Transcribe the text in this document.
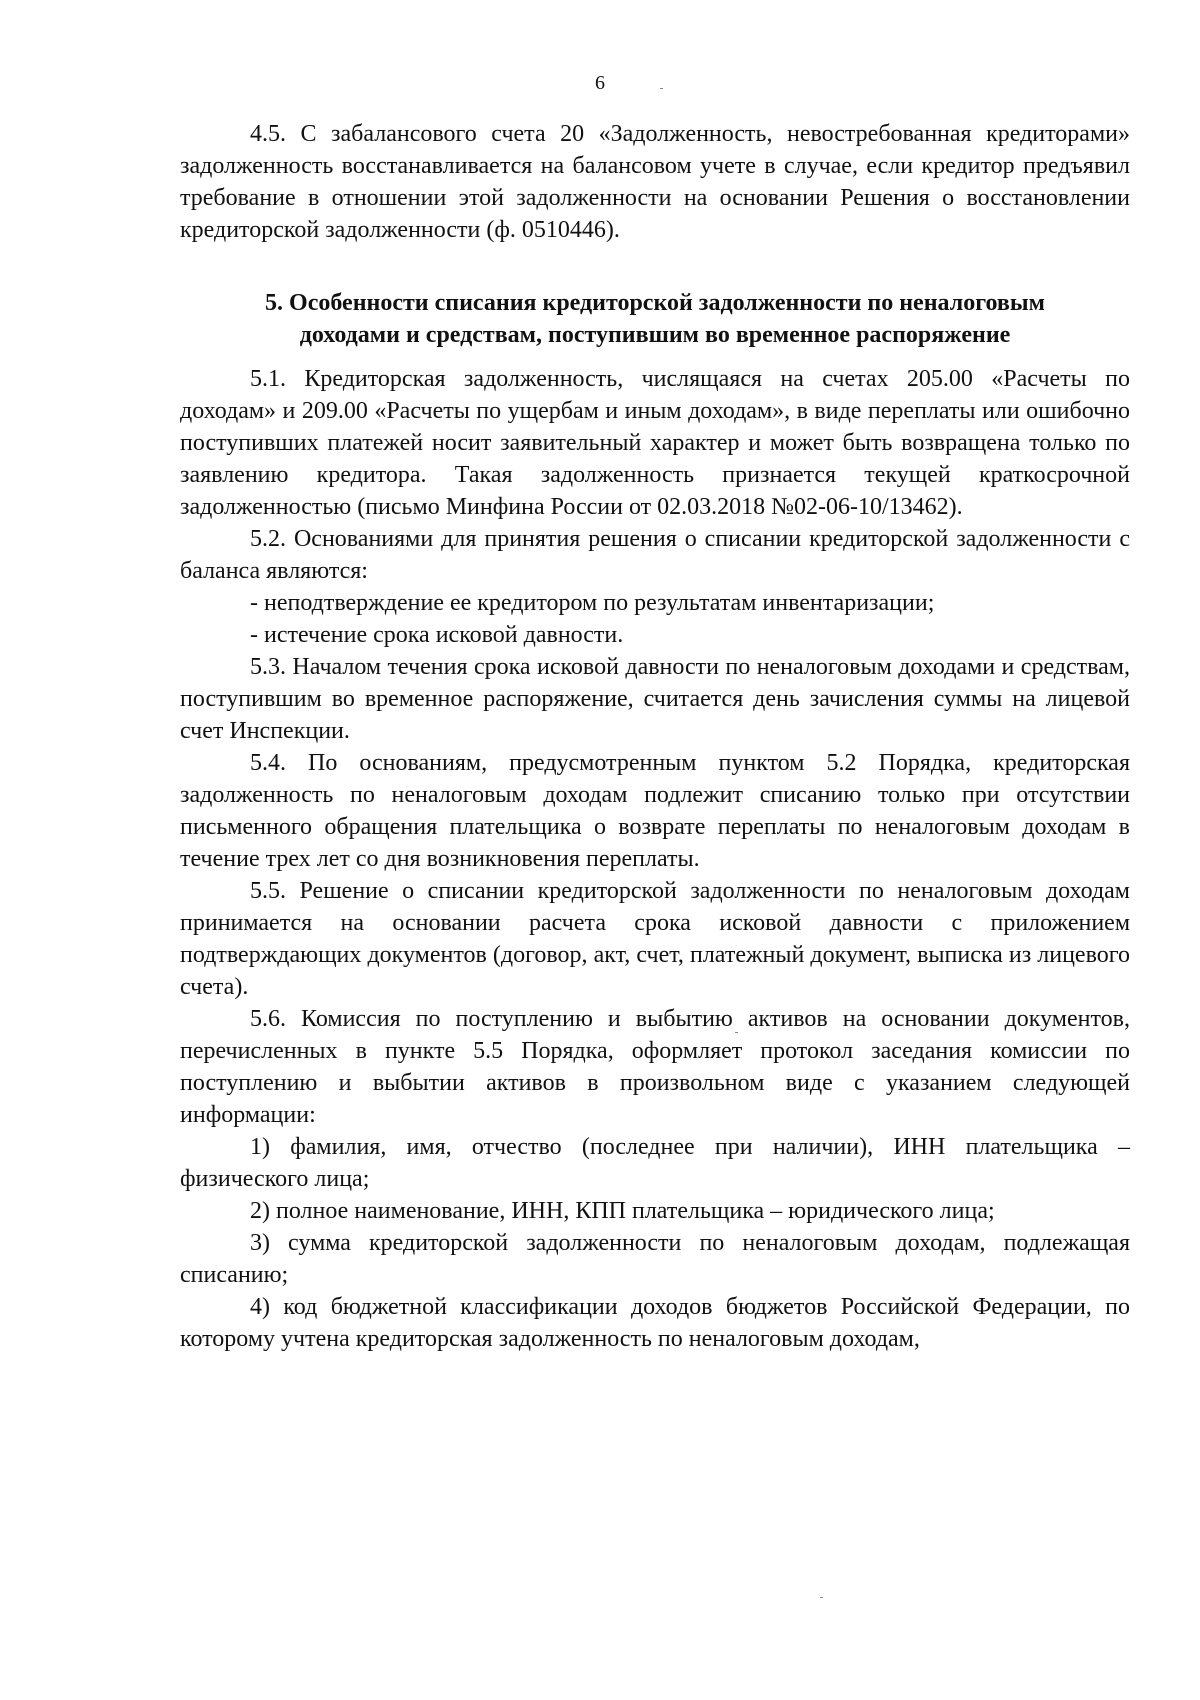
6

4.5. С забалансового счета 20 «Задолженность, невостребованная кредиторами» задолженность восстанавливается на балансовом учете в случае, если кредитор предъявил требование в отношении этой задолженности на основании Решения о восстановлении кредиторской задолженности (ф. 0510446).

5. Особенности списания кредиторской задолженности по неналоговым доходами и средствам, поступившим во временное распоряжение

5.1. Кредиторская задолженность, числящаяся на счетах 205.00 «Расчеты по доходам» и 209.00 «Расчеты по ущербам и иным доходам», в виде переплаты или ошибочно поступивших платежей носит заявительный характер и может быть возвращена только по заявлению кредитора. Такая задолженность признается текущей краткосрочной задолженностью (письмо Минфина России от 02.03.2018 №02-06-10/13462).

5.2. Основаниями для принятия решения о списании кредиторской задолженности с баланса являются:

- неподтверждение ее кредитором по результатам инвентаризации;

- истечение срока исковой давности.

5.3. Началом течения срока исковой давности по неналоговым доходами и средствам, поступившим во временное распоряжение, считается день зачисления суммы на лицевой счет Инспекции.

5.4. По основаниям, предусмотренным пунктом 5.2 Порядка, кредиторская задолженность по неналоговым доходам подлежит списанию только при отсутствии письменного обращения плательщика о возврате переплаты по неналоговым доходам в течение трех лет со дня возникновения переплаты.

5.5. Решение о списании кредиторской задолженности по неналоговым доходам принимается на основании расчета срока исковой давности с приложением подтверждающих документов (договор, акт, счет, платежный документ, выписка из лицевого счета).

5.6. Комиссия по поступлению и выбытию активов на основании документов, перечисленных в пункте 5.5 Порядка, оформляет протокол заседания комиссии по поступлению и выбытии активов в произвольном виде с указанием следующей информации:

1) фамилия, имя, отчество (последнее при наличии), ИНН плательщика – физического лица;

2) полное наименование, ИНН, КПП плательщика – юридического лица;

3) сумма кредиторской задолженности по неналоговым доходам, подлежащая списанию;

4) код бюджетной классификации доходов бюджетов Российской Федерации, по которому учтена кредиторская задолженность по неналоговым доходам,
